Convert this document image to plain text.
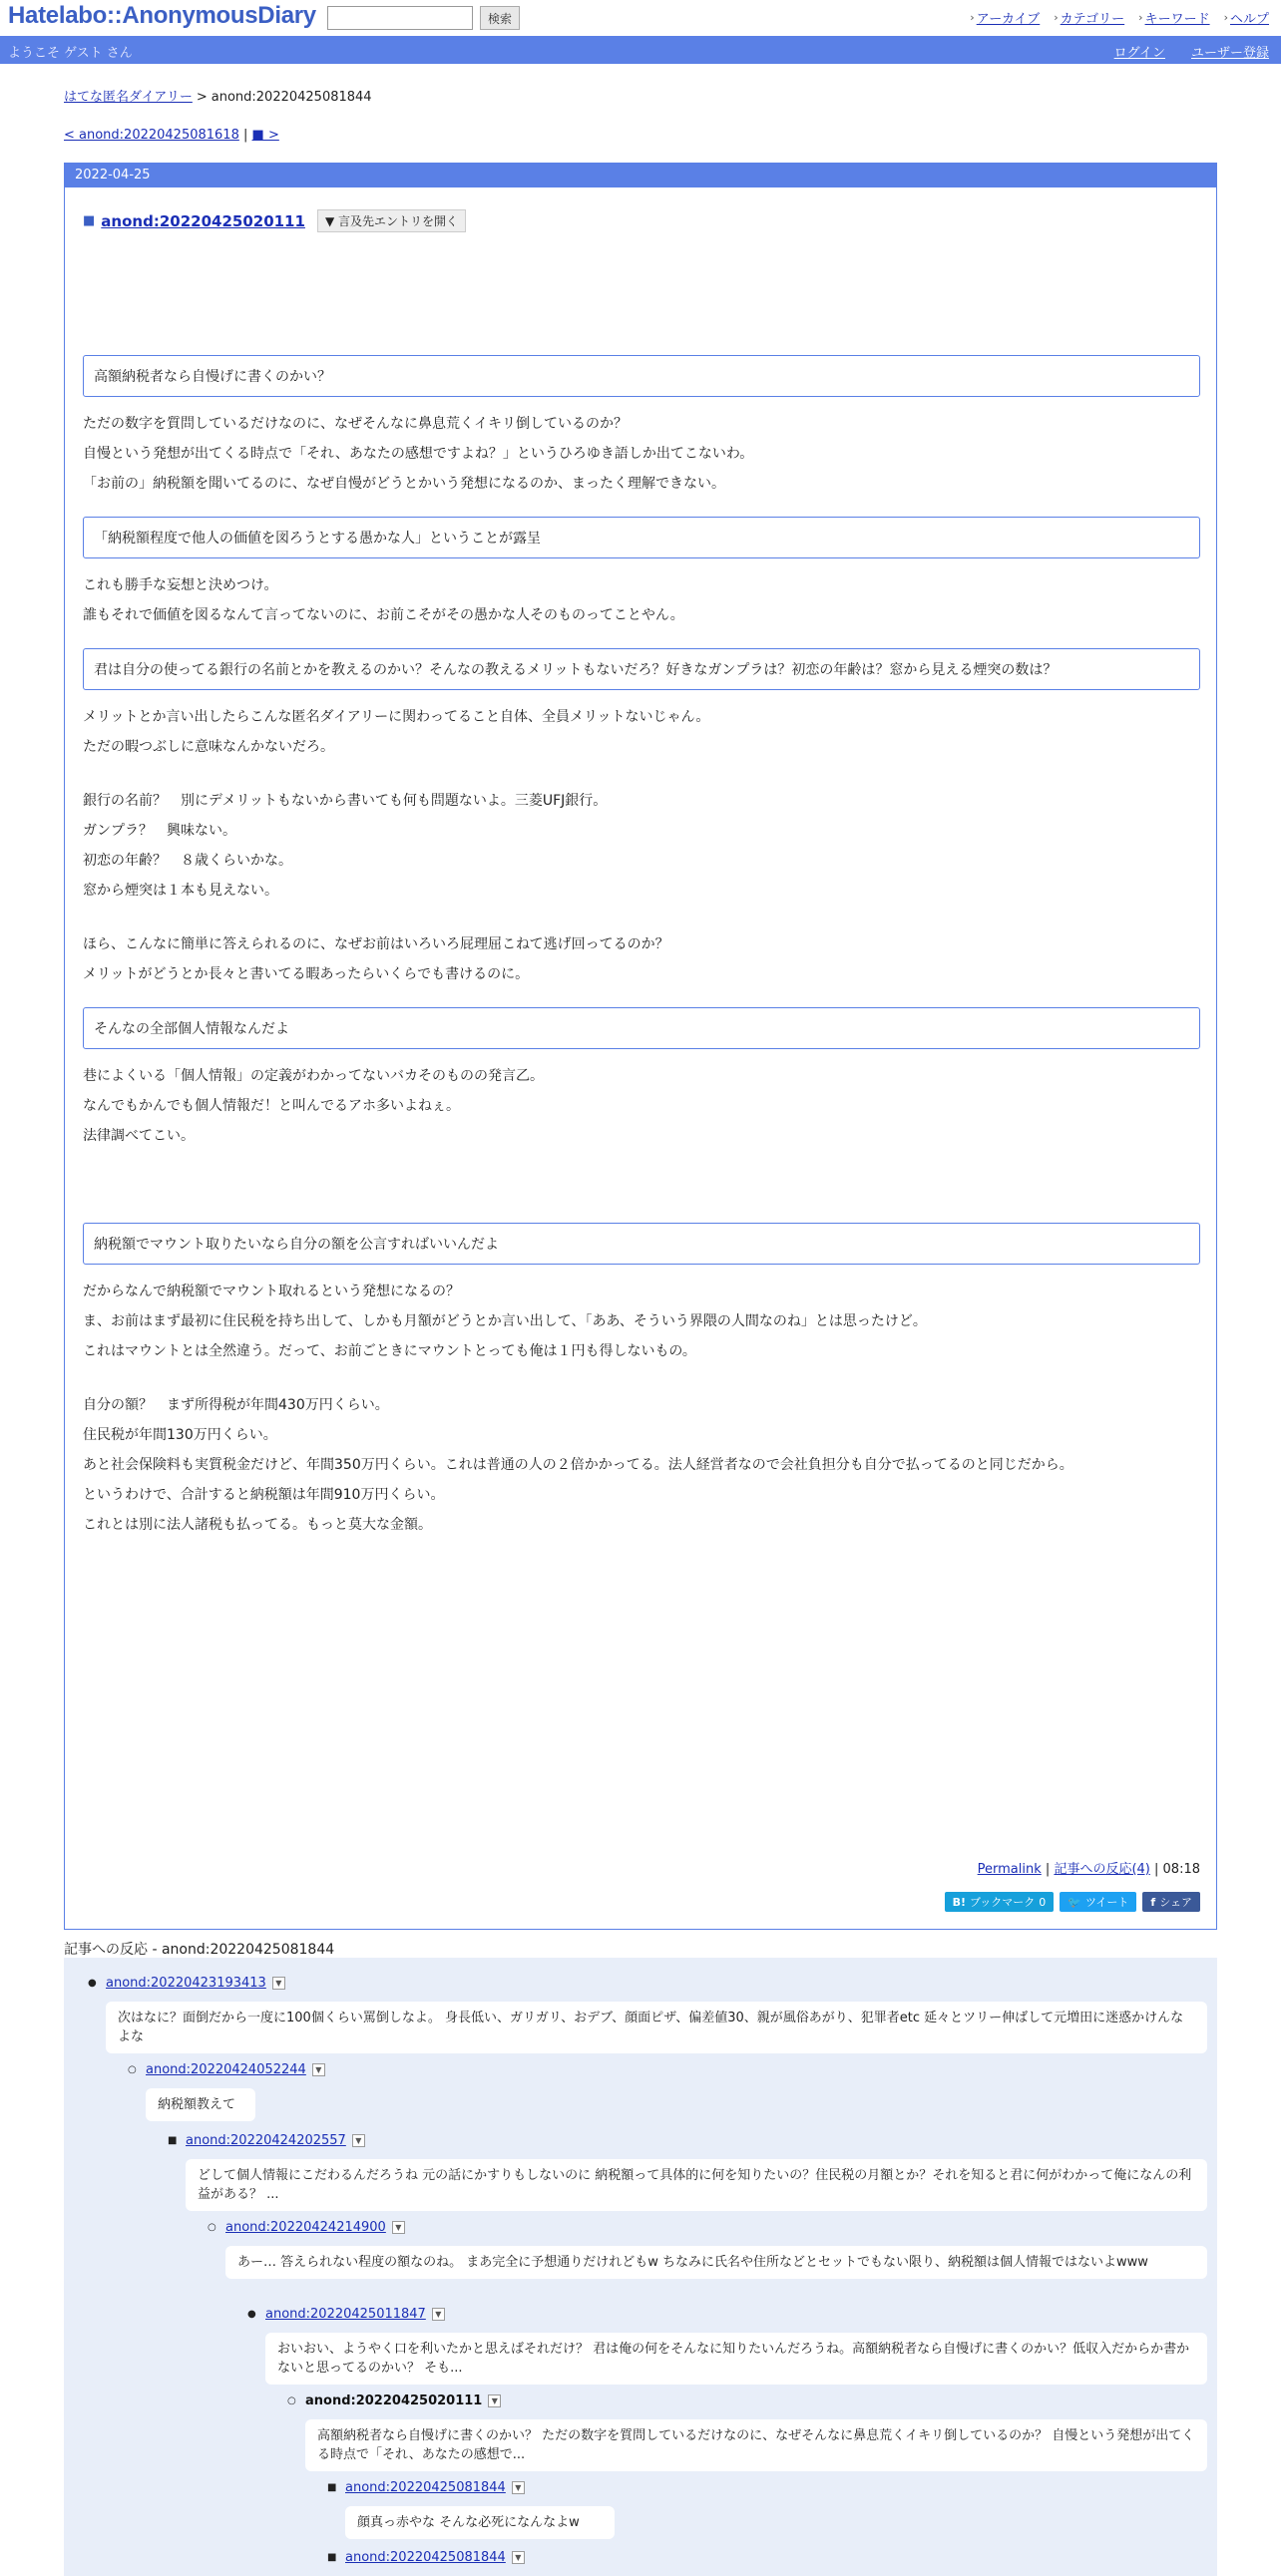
Hatelabo::AnonymousDiary	検索	› アーカイブ › カテゴリー › キーワード › ヘルプ
ようこそ ゲスト さん	ログイン ユーザー登録
はてな匿名ダイアリー > anond:20220425081844
< anond:20220425081618 | ■ >
2022-04-25
■ anond:20220425020111	▼ 言及先エントリを開く
高額納税者なら自慢げに書くのかい？
ただの数字を質問しているだけなのに、なぜそんなに鼻息荒くイキリ倒しているのか？
自慢という発想が出てくる時点で「それ、あなたの感想ですよね？」というひろゆき語しか出てこないわ。
「お前の」納税額を聞いてるのに、なぜ自慢がどうとかいう発想になるのか、まったく理解できない。
「納税額程度で他人の価値を図ろうとする愚かな人」ということが露呈
これも勝手な妄想と決めつけ。
誰もそれで価値を図るなんて言ってないのに、お前こそがその愚かな人そのものってことやん。
君は自分の使ってる銀行の名前とかを教えるのかい？そんなの教えるメリットもないだろ？好きなガンプラは？初恋の年齢は？窓から見える煙突の数は？
メリットとか言い出したらこんな匿名ダイアリーに関わってること自体、全員メリットないじゃん。
ただの暇つぶしに意味なんかないだろ。
銀行の名前？　別にデメリットもないから書いても何も問題ないよ。三菱UFJ銀行。
ガンプラ？　興味ない。
初恋の年齢？　８歳くらいかな。
窓から煙突は１本も見えない。
ほら、こんなに簡単に答えられるのに、なぜお前はいろいろ屁理屈こねて逃げ回ってるのか？
メリットがどうとか長々と書いてる暇あったらいくらでも書けるのに。
そんなの全部個人情報なんだよ
巷によくいる「個人情報」の定義がわかってないバカそのものの発言乙。
なんでもかんでも個人情報だ！と叫んでるアホ多いよねぇ。
法律調べてこい。
納税額でマウント取りたいなら自分の額を公言すればいいんだよ
だからなんで納税額でマウント取れるという発想になるの？
ま、お前はまず最初に住民税を持ち出して、しかも月額がどうとか言い出して、「ああ、そういう界隈の人間なのね」とは思ったけど。
これはマウントとは全然違う。だって、お前ごときにマウントとっても俺は１円も得しないもの。
自分の額？　まず所得税が年間430万円くらい。
住民税が年間130万円くらい。
あと社会保険料も実質税金だけど、年間350万円くらい。これは普通の人の２倍かかってる。法人経営者なので会社負担分も自分で払ってるのと同じだから。
というわけで、合計すると納税額は年間910万円くらい。
これとは別に法人諸税も払ってる。もっと莫大な金額。
Permalink | 記事への反応(4) | 08:18
B! ブックマーク 0 🐦 ツイート f シェア
記事への反応 - anond:20220425081844
● anond:20220423193413	▼
次はなに？面倒だから一度に100個くらい罵倒しなよ。 身長低い、ガリガリ、おデブ、顔面ピザ、偏差値30、親が風俗あがり、犯罪者etc 延々とツリー伸ばして元増田に迷惑かけんなよな
○ anond:20220424052244	▼
納税額教えて
■ anond:20220424202557	▼
どして個人情報にこだわるんだろうね 元の話にかすりもしないのに 納税額って具体的に何を知りたいの？住民税の月額とか？それを知ると君に何がわかって俺になんの利益がある？ ...
○ anond:20220424214900	▼
あー… 答えられない程度の額なのね。 まあ完全に予想通りだけれどもw ちなみに氏名や住所などとセットでもない限り、納税額は個人情報ではないよwww
● anond:20220425011847	▼
おいおい、ようやく口を利いたかと思えばそれだけ？ 君は俺の何をそんなに知りたいんだろうね。高額納税者なら自慢げに書くのかい？低収入だからか書かないと思ってるのかい？ そも...
○ anond:20220425020111	▼
高額納税者なら自慢げに書くのかい？ ただの数字を質問しているだけなのに、なぜそんなに鼻息荒くイキリ倒しているのか？ 自慢という発想が出てくる時点で「それ、あなたの感想で...
■ anond:20220425081844	▼
顔真っ赤やな そんな必死になんなよw
■ anond:20220425081844	▼
